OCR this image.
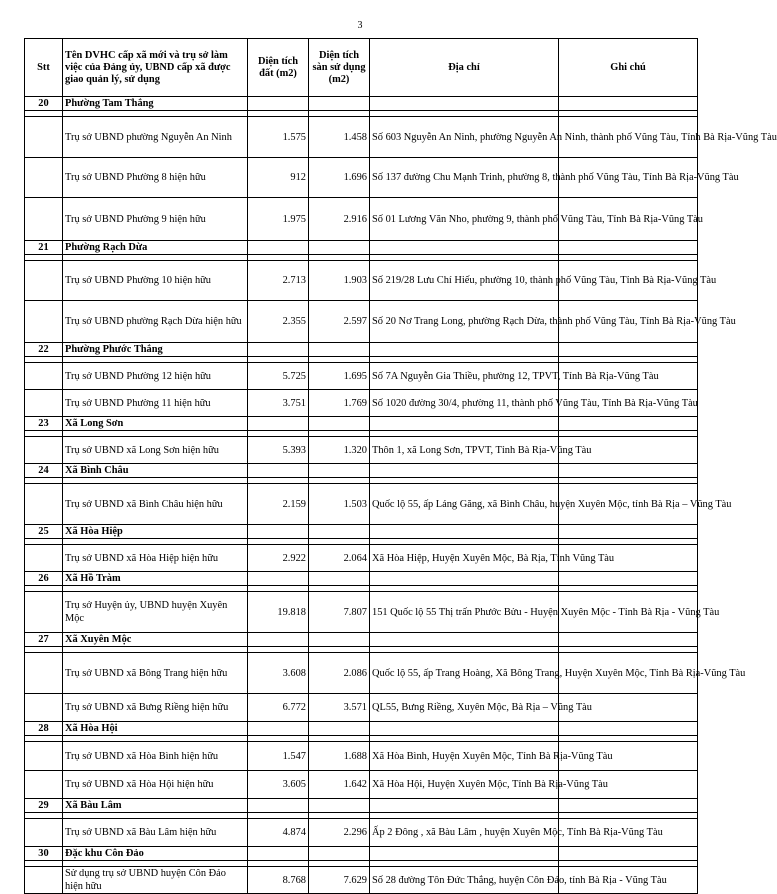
3
Stt	Tên DVHC cấp xã mới và trụ sở làm việc của Đảng ủy, UBND cấp xã được giao quản lý, sử dụng	Diện tích đất (m2)	Diện tích sàn sử dụng (m2)	Địa chỉ	Ghi chú
20	Phường Tam Thắng				

	Trụ sở UBND phường Nguyễn An Ninh	1.575	1.458	Số 603 Nguyễn An Ninh, phường Nguyễn An Ninh, thành phố Vũng Tàu, Tỉnh Bà Rịa-Vũng Tàu	
	Trụ sở UBND Phường 8 hiện hữu	912	1.696	Số 137 đường Chu Mạnh Trinh, phường 8, thành phố Vũng Tàu, Tỉnh Bà Rịa-Vũng Tàu	
	Trụ sở UBND Phường 9 hiện hữu	1.975	2.916	Số 01 Lương Văn Nho, phường 9, thành phố Vũng Tàu, Tỉnh Bà Rịa-Vũng Tàu	
21	Phường Rạch Dừa				

	Trụ sở UBND Phường 10 hiện hữu	2.713	1.903	Số 219/28 Lưu Chí Hiếu, phường 10, thành phố Vũng Tàu, Tỉnh Bà Rịa-Vũng Tàu	
	Trụ sở UBND phường Rạch Dừa hiện hữu	2.355	2.597	Số 20 Nơ Trang Long, phường Rạch Dừa, thành phố Vũng Tàu, Tỉnh Bà Rịa-Vũng Tàu	
22	Phường Phước Thắng				

	Trụ sở UBND Phường 12 hiện hữu	5.725	1.695	Số 7A Nguyễn Gia Thiều, phường 12, TPVT, Tỉnh Bà Rịa-Vũng Tàu	
	Trụ sở UBND Phường 11 hiện hữu	3.751	1.769	Số 1020 đường 30/4, phường 11, thành phố Vũng Tàu, Tỉnh Bà Rịa-Vũng Tàu	
23	Xã Long Sơn				

	Trụ sở UBND xã Long Sơn hiện hữu	5.393	1.320	Thôn 1, xã Long Sơn, TPVT, Tỉnh Bà Rịa-Vũng Tàu	
24	Xã Bình Châu				

	Trụ sở UBND xã Bình Châu hiện hữu	2.159	1.503	Quốc lộ 55, ấp Láng Găng, xã Bình Châu, huyện Xuyên Mộc, tỉnh Bà Rịa – Vũng Tàu	
25	Xã Hòa Hiệp				

	Trụ sở UBND xã Hòa Hiệp hiện hữu	2.922	2.064	Xã Hòa Hiệp, Huyện Xuyên Mộc, Bà Rịa, Tỉnh Vũng Tàu	
26	Xã Hồ Tràm				

	Trụ sở Huyện ủy, UBND huyện Xuyên Mộc	19.818	7.807	151 Quốc lộ 55 Thị trấn Phước Bửu - Huyện Xuyên Mộc - Tỉnh Bà Rịa - Vũng Tàu	
27	Xã Xuyên Mộc				

	Trụ sở UBND xã Bông Trang hiện hữu	3.608	2.086	Quốc lộ 55, ấp Trang Hoàng, Xã Bông Trang, Huyện Xuyên Mộc, Tỉnh Bà Rịa-Vũng Tàu	
	Trụ sở UBND xã Bưng Riềng hiện hữu	6.772	3.571	QL55, Bưng Riềng, Xuyên Mộc, Bà Rịa – Vũng Tàu	
28	Xã Hòa Hội				

	Trụ sở UBND xã Hòa Bình hiện hữu	1.547	1.688	Xã Hòa Bình, Huyện Xuyên Mộc, Tỉnh Bà Rịa-Vũng Tàu	
	Trụ sở UBND xã Hòa Hội hiện hữu	3.605	1.642	Xã Hòa Hội, Huyện Xuyên Mộc, Tỉnh Bà Rịa-Vũng Tàu	
29	Xã Bàu Lâm				

	Trụ sở UBND xã Bàu Lâm hiện hữu	4.874	2.296	Ấp 2 Đông , xã Bàu Lâm , huyện Xuyên Mộc, Tỉnh Bà Rịa-Vũng Tàu	
30	Đặc khu Côn Đảo				

	Sử dụng trụ sở UBND huyện Côn Đảo hiện hữu	8.768	7.629	Số 28 đường Tôn Đức Thắng, huyện Côn Đảo, tỉnh Bà Rịa - Vũng Tàu	
